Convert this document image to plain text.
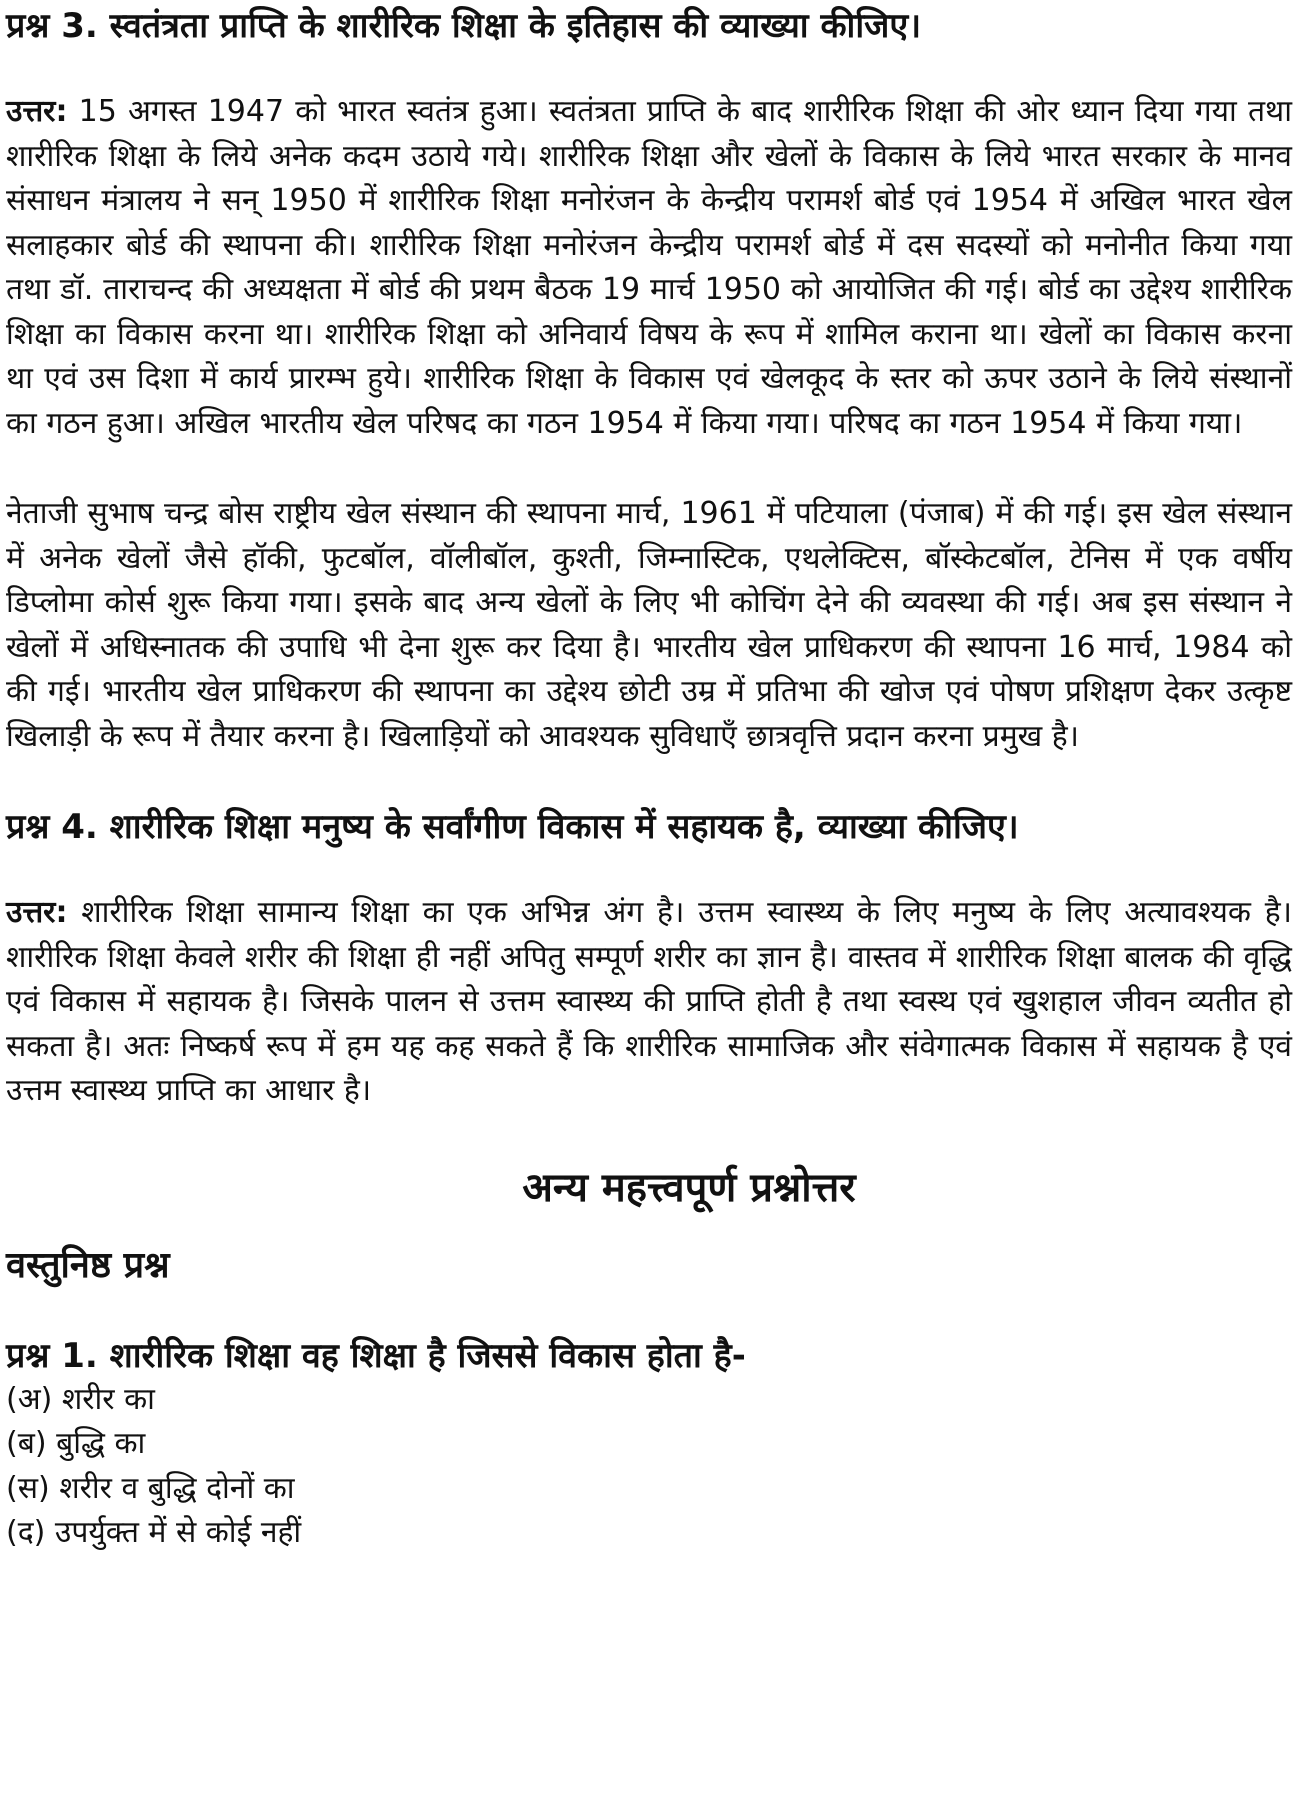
प्रश्न 3. स्वतंत्रता प्राप्ति के शारीरिक शिक्षा के इतिहास की व्याख्या कीजिए।

उत्तर: 15 अगस्त 1947 को भारत स्वतंत्र हुआ। स्वतंत्रता प्राप्ति के बाद शारीरिक शिक्षा की ओर ध्यान दिया गया तथा शारीरिक शिक्षा के लिये अनेक कदम उठाये गये। शारीरिक शिक्षा और खेलों के विकास के लिये भारत सरकार के मानव संसाधन मंत्रालय ने सन् 1950 में शारीरिक शिक्षा मनोरंजन के केन्द्रीय परामर्श बोर्ड एवं 1954 में अखिल भारत खेल सलाहकार बोर्ड की स्थापना की। शारीरिक शिक्षा मनोरंजन केन्द्रीय परामर्श बोर्ड में दस सदस्यों को मनोनीत किया गया तथा डॉ. ताराचन्द की अध्यक्षता में बोर्ड की प्रथम बैठक 19 मार्च 1950 को आयोजित की गई। बोर्ड का उद्देश्य शारीरिक शिक्षा का विकास करना था। शारीरिक शिक्षा को अनिवार्य विषय के रूप में शामिल कराना था। खेलों का विकास करना था एवं उस दिशा में कार्य प्रारम्भ हुये। शारीरिक शिक्षा के विकास एवं खेलकूद के स्तर को ऊपर उठाने के लिये संस्थानों का गठन हुआ। अखिल भारतीय खेल परिषद का गठन 1954 में किया गया। परिषद का गठन 1954 में किया गया।

नेताजी सुभाष चन्द्र बोस राष्ट्रीय खेल संस्थान की स्थापना मार्च, 1961 में पटियाला (पंजाब) में की गई। इस खेल संस्थान में अनेक खेलों जैसे हॉकी, फुटबॉल, वॉलीबॉल, कुश्ती, जिम्नास्टिक, एथलेक्टिस, बॉस्केटबॉल, टेनिस में एक वर्षीय डिप्लोमा कोर्स शुरू किया गया। इसके बाद अन्य खेलों के लिए भी कोचिंग देने की व्यवस्था की गई। अब इस संस्थान ने खेलों में अधिस्नातक की उपाधि भी देना शुरू कर दिया है। भारतीय खेल प्राधिकरण की स्थापना 16 मार्च, 1984 को की गई। भारतीय खेल प्राधिकरण की स्थापना का उद्देश्य छोटी उम्र में प्रतिभा की खोज एवं पोषण प्रशिक्षण देकर उत्कृष्ट खिलाड़ी के रूप में तैयार करना है। खिलाड़ियों को आवश्यक सुविधाएँ छात्रवृत्ति प्रदान करना प्रमुख है।

प्रश्न 4. शारीरिक शिक्षा मनुष्य के सर्वांगीण विकास में सहायक है, व्याख्या कीजिए।

उत्तर: शारीरिक शिक्षा सामान्य शिक्षा का एक अभिन्न अंग है। उत्तम स्वास्थ्य के लिए मनुष्य के लिए अत्यावश्यक है। शारीरिक शिक्षा केवले शरीर की शिक्षा ही नहीं अपितु सम्पूर्ण शरीर का ज्ञान है। वास्तव में शारीरिक शिक्षा बालक की वृद्धि एवं विकास में सहायक है। जिसके पालन से उत्तम स्वास्थ्य की प्राप्ति होती है तथा स्वस्थ एवं खुशहाल जीवन व्यतीत हो सकता है। अतः निष्कर्ष रूप में हम यह कह सकते हैं कि शारीरिक सामाजिक और संवेगात्मक विकास में सहायक है एवं उत्तम स्वास्थ्य प्राप्ति का आधार है।

अन्य महत्त्वपूर्ण प्रश्नोत्तर

वस्तुनिष्ठ प्रश्न

प्रश्न 1. शारीरिक शिक्षा वह शिक्षा है जिससे विकास होता है-

(अ) शरीर का
(ब) बुद्धि का
(स) शरीर व बुद्धि दोनों का
(द) उपर्युक्त में से कोई नहीं
